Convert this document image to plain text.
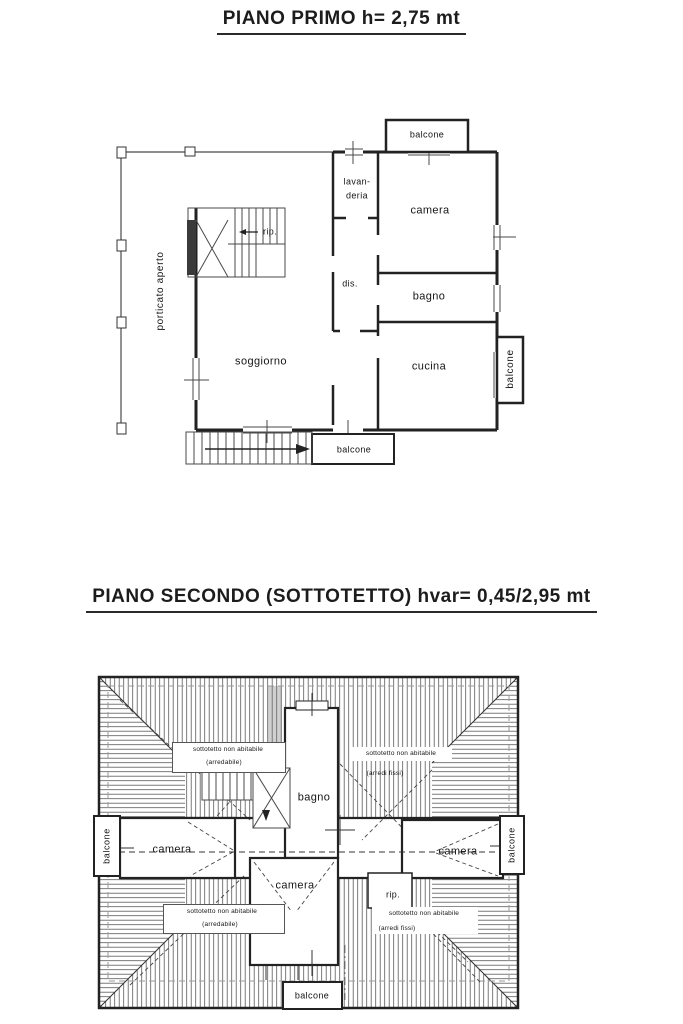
PIANO PRIMO h= 2,75 mt
PIANO SECONDO (SOTTOTETTO) hvar= 0,45/2,95 mt
balcone
lavan-
deria
camera
rip.
dis.
bagno
porticato aperto
soggiorno	cucina	balcone
balcone
sottotetto non abitabile
(arredabile)
sottotetto non abitabile
(arredi fissi)
bagno
camera	camera
camera
rip.
sottotetto non abitabile
(arredabile)
sottotetto non abitabile
(arredi fissi)
balcone	balcone
balcone
